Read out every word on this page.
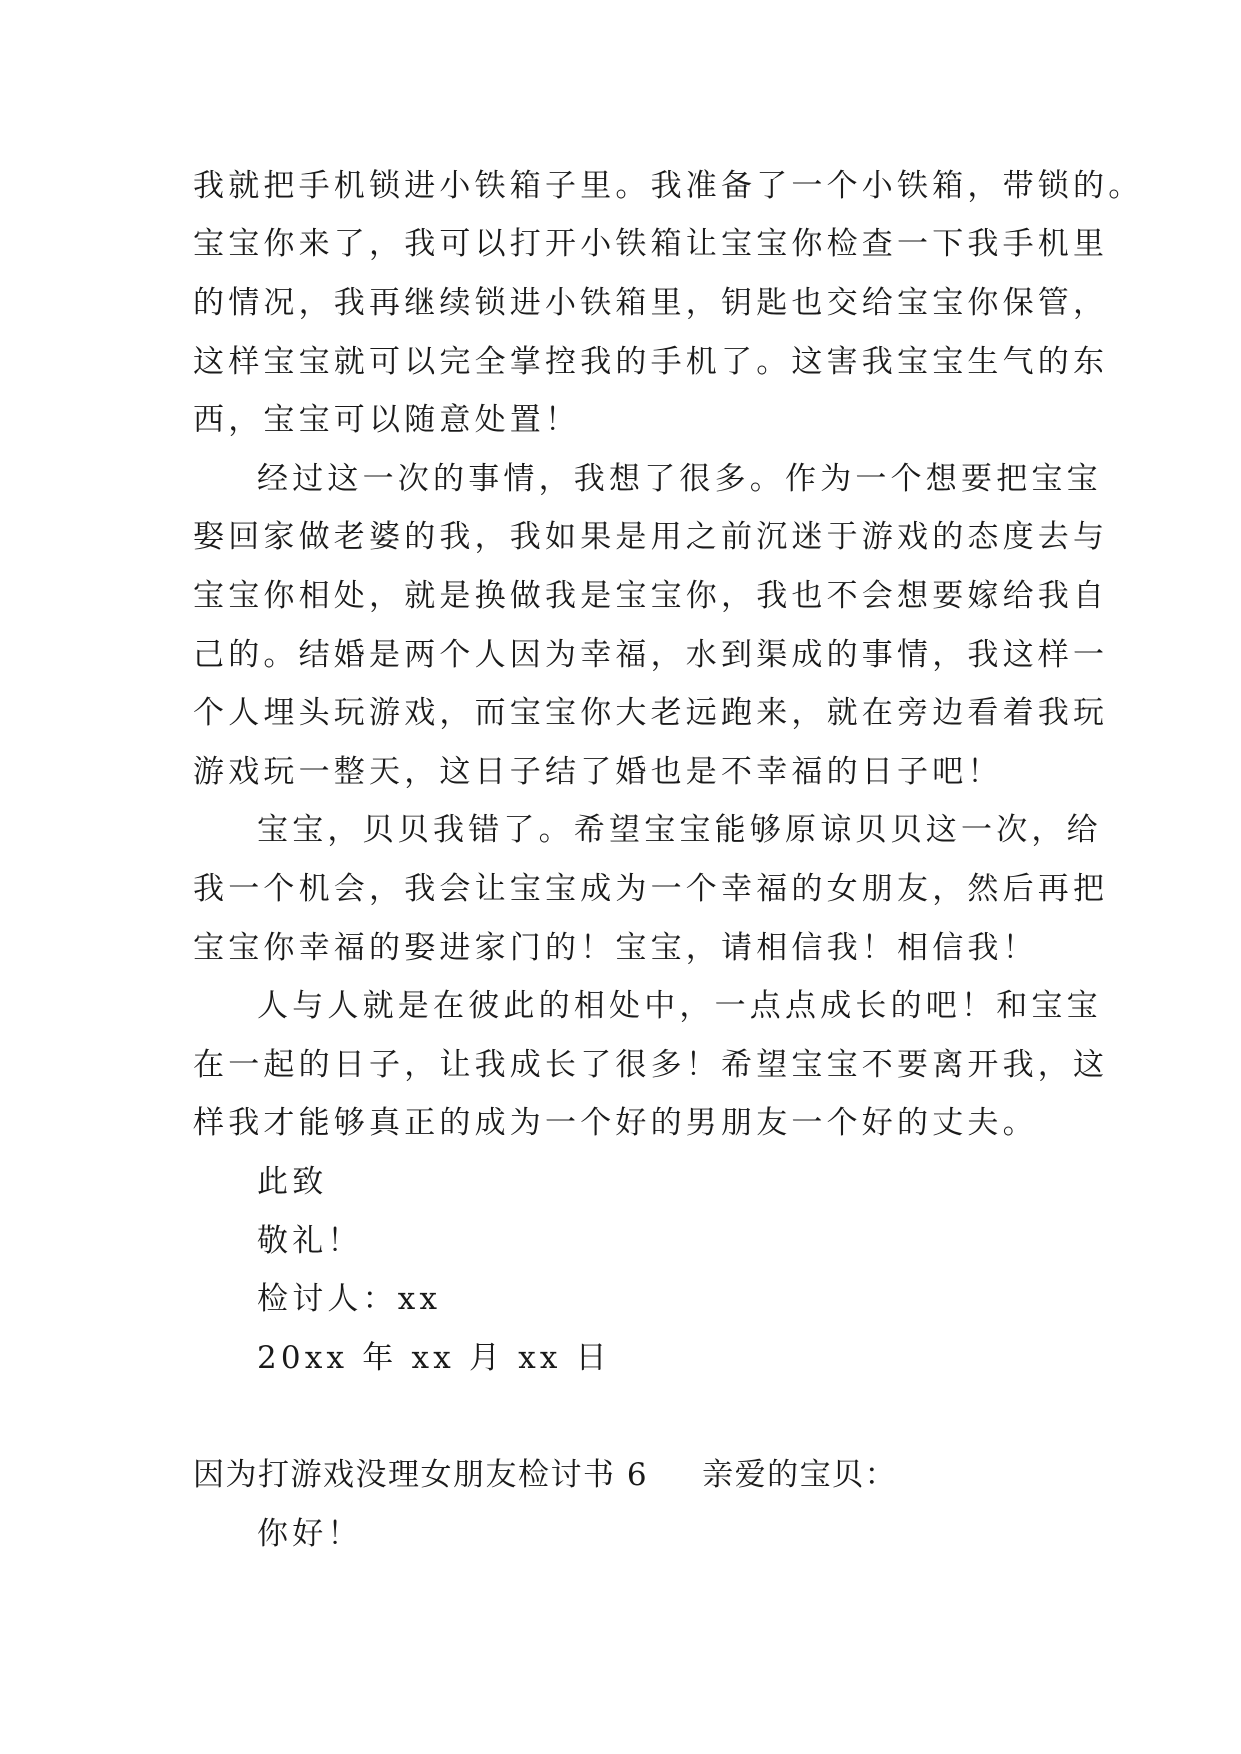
我就把手机锁进小铁箱子里。我准备了一个小铁箱，带锁的。
宝宝你来了，我可以打开小铁箱让宝宝你检查一下我手机里
的情况，我再继续锁进小铁箱里，钥匙也交给宝宝你保管，
这样宝宝就可以完全掌控我的手机了。这害我宝宝生气的东
西，宝宝可以随意处置！
经过这一次的事情，我想了很多。作为一个想要把宝宝
娶回家做老婆的我，我如果是用之前沉迷于游戏的态度去与
宝宝你相处，就是换做我是宝宝你，我也不会想要嫁给我自
己的。结婚是两个人因为幸福，水到渠成的事情，我这样一
个人埋头玩游戏，而宝宝你大老远跑来，就在旁边看着我玩
游戏玩一整天，这日子结了婚也是不幸福的日子吧！
宝宝，贝贝我错了。希望宝宝能够原谅贝贝这一次，给
我一个机会，我会让宝宝成为一个幸福的女朋友，然后再把
宝宝你幸福的娶进家门的！宝宝，请相信我！相信我！
人与人就是在彼此的相处中，一点点成长的吧！和宝宝
在一起的日子，让我成长了很多！希望宝宝不要离开我，这
样我才能够真正的成为一个好的男朋友一个好的丈夫。
此致
敬礼！
检讨人：xx
20xx 年 xx 月 xx 日
因为打游戏没理女朋友检讨书 6 亲爱的宝贝：
你好！
